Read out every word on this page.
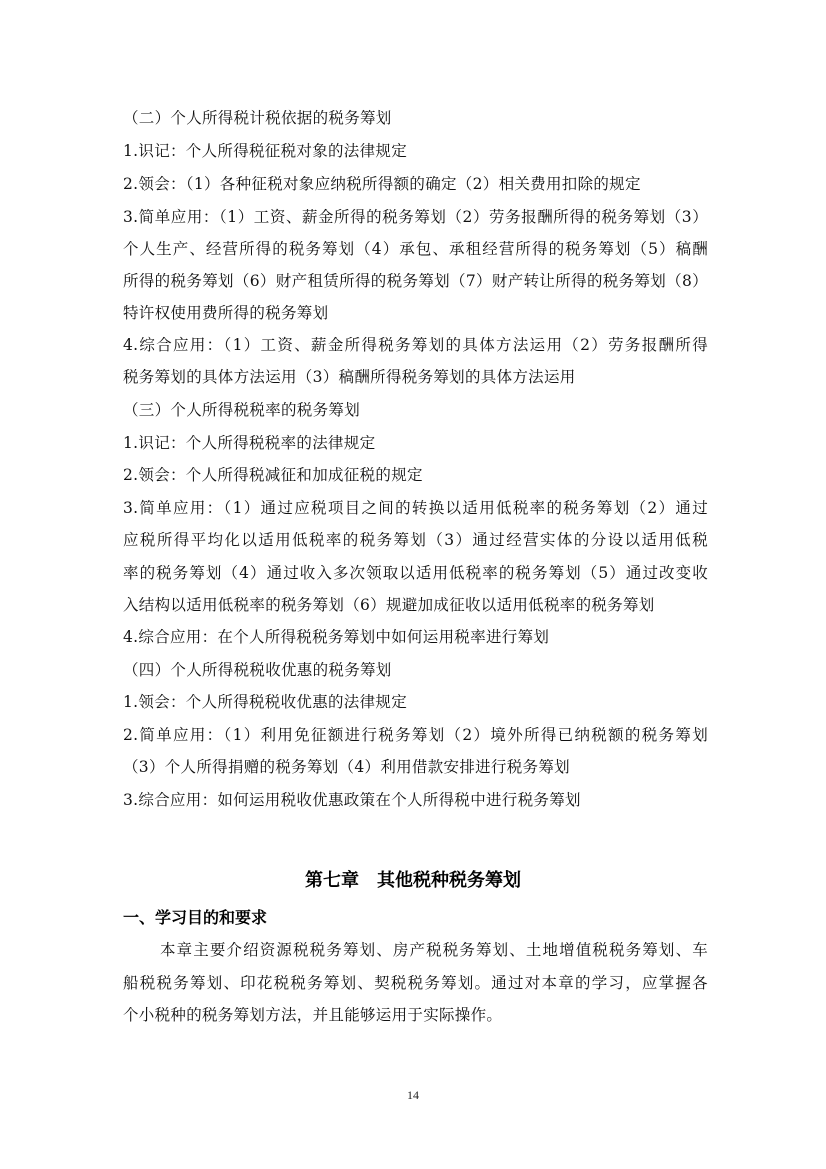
（二）个人所得税计税依据的税务筹划
1.识记：个人所得税征税对象的法律规定
2.领会：（1）各种征税对象应纳税所得额的确定（2）相关费用扣除的规定
3.简单应用：（1）工资、薪金所得的税务筹划（2）劳务报酬所得的税务筹划（3）
个人生产、经营所得的税务筹划（4）承包、承租经营所得的税务筹划（5）稿酬
所得的税务筹划（6）财产租赁所得的税务筹划（7）财产转让所得的税务筹划（8）
特许权使用费所得的税务筹划
4.综合应用：（1）工资、薪金所得税务筹划的具体方法运用（2）劳务报酬所得
税务筹划的具体方法运用（3）稿酬所得税务筹划的具体方法运用
（三）个人所得税税率的税务筹划
1.识记：个人所得税税率的法律规定
2.领会：个人所得税减征和加成征税的规定
3.简单应用：（1）通过应税项目之间的转换以适用低税率的税务筹划（2）通过
应税所得平均化以适用低税率的税务筹划（3）通过经营实体的分设以适用低税
率的税务筹划（4）通过收入多次领取以适用低税率的税务筹划（5）通过改变收
入结构以适用低税率的税务筹划（6）规避加成征收以适用低税率的税务筹划
4.综合应用：在个人所得税税务筹划中如何运用税率进行筹划
（四）个人所得税税收优惠的税务筹划
1.领会：个人所得税税收优惠的法律规定
2.简单应用：（1）利用免征额进行税务筹划（2）境外所得已纳税额的税务筹划
（3）个人所得捐赠的税务筹划（4）利用借款安排进行税务筹划
3.综合应用：如何运用税收优惠政策在个人所得税中进行税务筹划
第七章　其他税种税务筹划
一、学习目的和要求
本章主要介绍资源税税务筹划、房产税税务筹划、土地增值税税务筹划、车
船税税务筹划、印花税税务筹划、契税税务筹划。通过对本章的学习，应掌握各
个小税种的税务筹划方法，并且能够运用于实际操作。
14
